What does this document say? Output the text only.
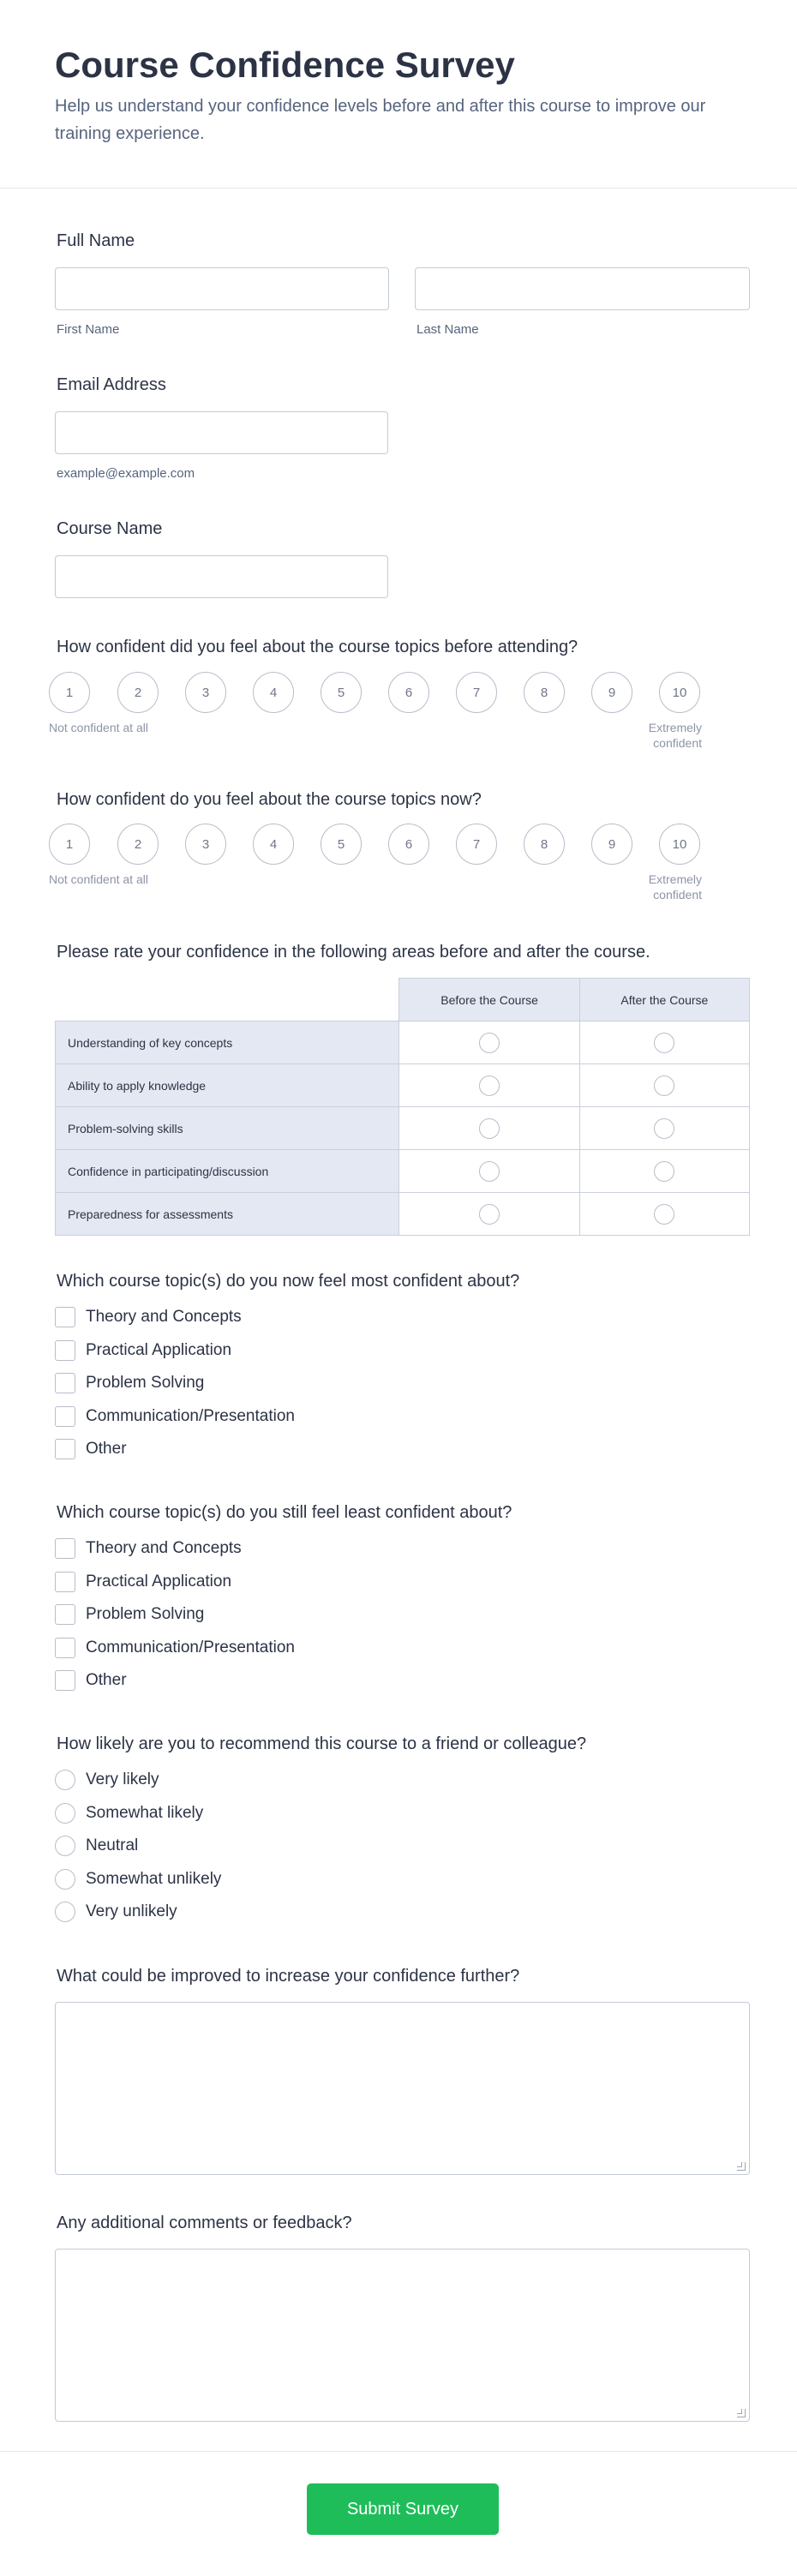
Course Confidence Survey

Help us understand your confidence levels before and after this course to improve our training experience.

Full Name
First Name	Last Name
Email Address
example@example.com
Course Name
How confident did you feel about the course topics before attending?
Not confident at all	Extremely confident
How confident do you feel about the course topics now?
Not confident at all	Extremely confident
Please rate your confidence in the following areas before and after the course.
	Before the Course	After the Course
Understanding of key concepts		
Ability to apply knowledge		
Problem-solving skills		
Confidence in participating/discussion		
Preparedness for assessments		
Which course topic(s) do you now feel most confident about?
Which course topic(s) do you still feel least confident about?
How likely are you to recommend this course to a friend or colleague?
What could be improved to increase your confidence further?
Any additional comments or feedback?
Submit Survey
1	2	3	4	5	6	7	8	9	10
1	2	3	4	5	6	7	8	9	10
Theory and Concepts
Practical Application
Problem Solving
Communication/Presentation
Other
Theory and Concepts
Practical Application
Problem Solving
Communication/Presentation
Other
Very likely
Somewhat likely
Neutral
Somewhat unlikely
Very unlikely
